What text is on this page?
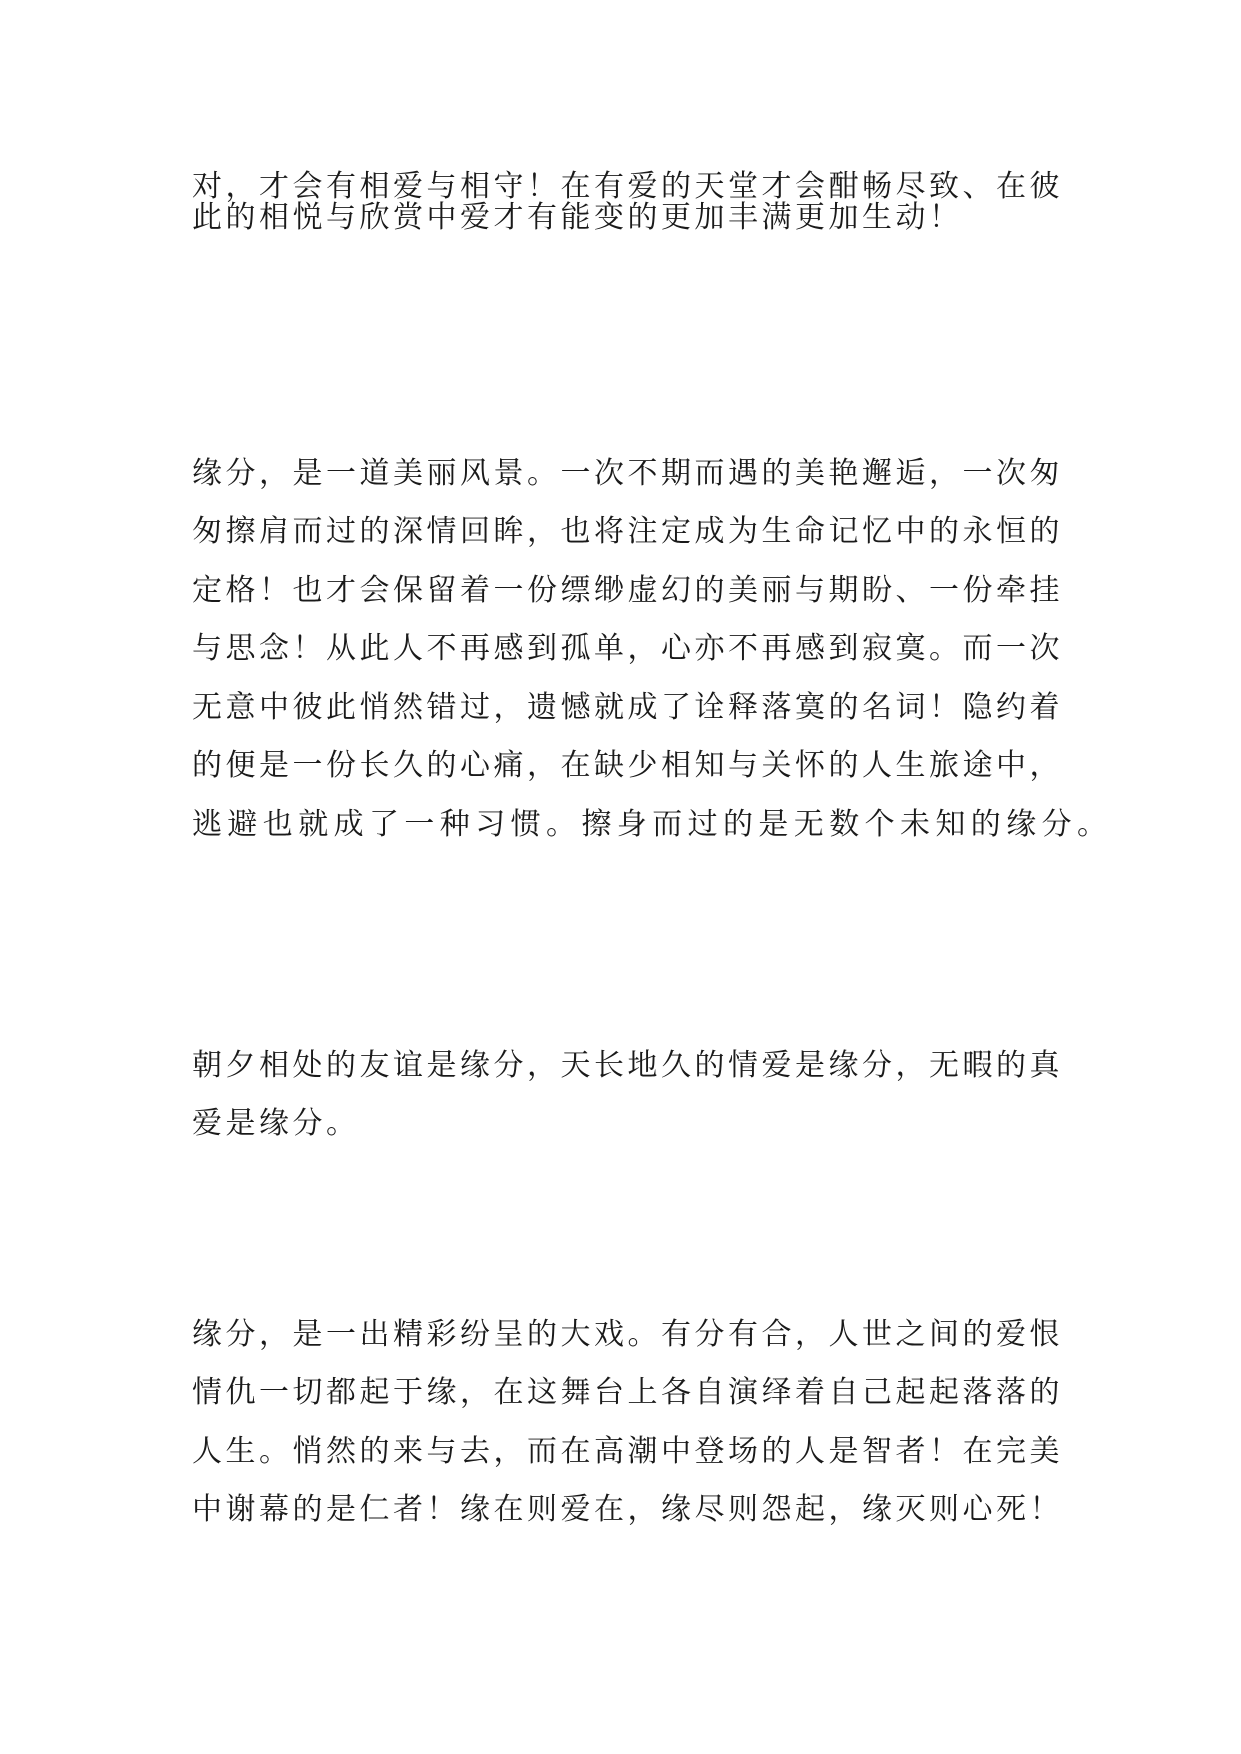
对，才会有相爱与相守！在有爱的天堂才会酣畅尽致、在彼
此的相悦与欣赏中爱才有能变的更加丰满更加生动！
缘分，是一道美丽风景。一次不期而遇的美艳邂逅，一次匆
匆擦肩而过的深情回眸，也将注定成为生命记忆中的永恒的
定格！也才会保留着一份缥缈虚幻的美丽与期盼、一份牵挂
与思念！从此人不再感到孤单，心亦不再感到寂寞。而一次
无意中彼此悄然错过，遗憾就成了诠释落寞的名词！隐约着
的便是一份长久的心痛，在缺少相知与关怀的人生旅途中，
逃避也就成了一种习惯。擦身而过的是无数个未知的缘分。
朝夕相处的友谊是缘分，天长地久的情爱是缘分，无暇的真
爱是缘分。
缘分，是一出精彩纷呈的大戏。有分有合，人世之间的爱恨
情仇一切都起于缘，在这舞台上各自演绎着自己起起落落的
人生。悄然的来与去，而在高潮中登场的人是智者！在完美
中谢幕的是仁者！缘在则爱在，缘尽则怨起，缘灭则心死！
